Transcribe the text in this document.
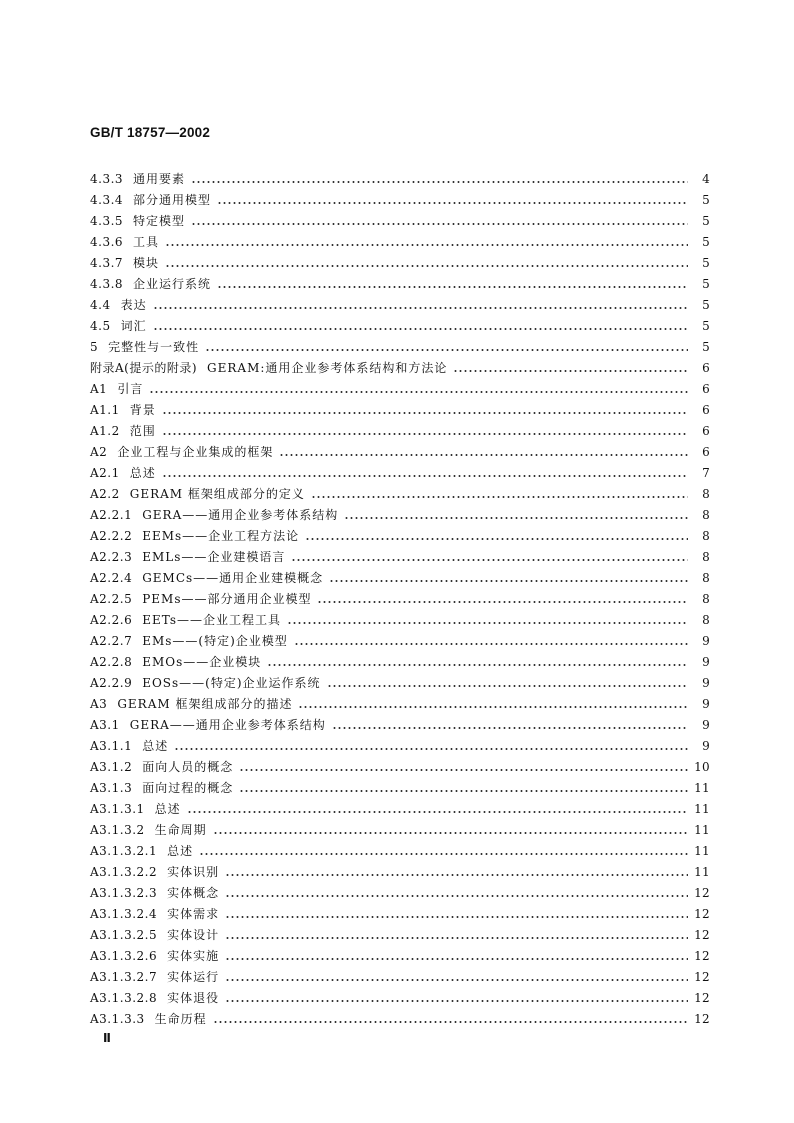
GB/T 18757—2002
4.3.3 通用要素	4
4.3.4 部分通用模型	5
4.3.5 特定模型	5
4.3.6 工具	5
4.3.7 模块	5
4.3.8 企业运行系统	5
4.4 表达	5
4.5 词汇	5
5 完整性与一致性	5
附录A(提示的附录) GERAM:通用企业参考体系结构和方法论	6
A1 引言	6
A1.1 背景	6
A1.2 范围	6
A2 企业工程与企业集成的框架	6
A2.1 总述	7
A2.2 GERAM 框架组成部分的定义	8
A2.2.1 GERA——通用企业参考体系结构	8
A2.2.2 EEMs——企业工程方法论	8
A2.2.3 EMLs——企业建模语言	8
A2.2.4 GEMCs——通用企业建模概念	8
A2.2.5 PEMs——部分通用企业模型	8
A2.2.6 EETs——企业工程工具	8
A2.2.7 EMs——(特定)企业模型	9
A2.2.8 EMOs——企业模块	9
A2.2.9 EOSs——(特定)企业运作系统	9
A3 GERAM 框架组成部分的描述	9
A3.1 GERA——通用企业参考体系结构	9
A3.1.1 总述	9
A3.1.2 面向人员的概念	10
A3.1.3 面向过程的概念	11
A3.1.3.1 总述	11
A3.1.3.2 生命周期	11
A3.1.3.2.1 总述	11
A3.1.3.2.2 实体识别	11
A3.1.3.2.3 实体概念	12
A3.1.3.2.4 实体需求	12
A3.1.3.2.5 实体设计	12
A3.1.3.2.6 实体实施	12
A3.1.3.2.7 实体运行	12
A3.1.3.2.8 实体退役	12
A3.1.3.3 生命历程	12
Ⅱ
